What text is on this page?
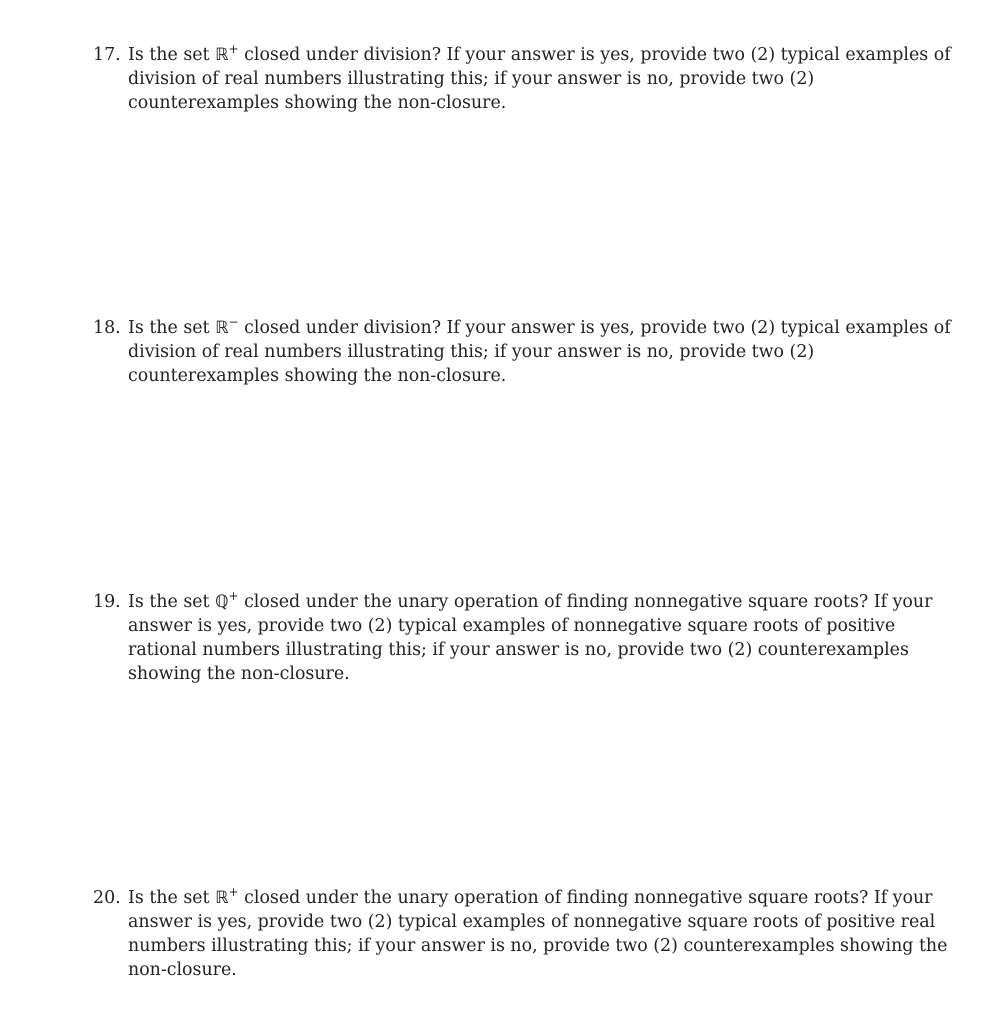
17. Is the set ℝ+ closed under division? If your answer is yes, provide two (2) typical examples of
division of real numbers illustrating this; if your answer is no, provide two (2)
counterexamples showing the non-closure.
18. Is the set ℝ− closed under division? If your answer is yes, provide two (2) typical examples of
division of real numbers illustrating this; if your answer is no, provide two (2)
counterexamples showing the non-closure.
19. Is the set ℚ+ closed under the unary operation of finding nonnegative square roots? If your
answer is yes, provide two (2) typical examples of nonnegative square roots of positive
rational numbers illustrating this; if your answer is no, provide two (2) counterexamples
showing the non-closure.
20. Is the set ℝ+ closed under the unary operation of finding nonnegative square roots? If your
answer is yes, provide two (2) typical examples of nonnegative square roots of positive real
numbers illustrating this; if your answer is no, provide two (2) counterexamples showing the
non-closure.
